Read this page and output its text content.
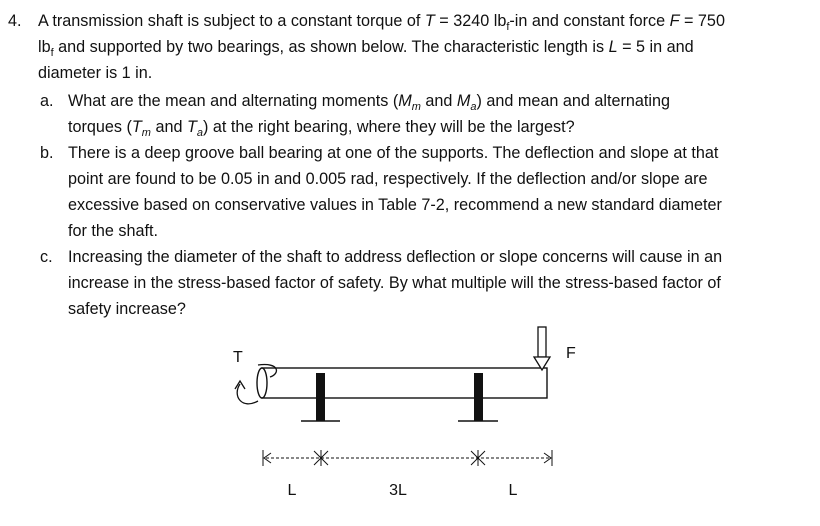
4. A transmission shaft is subject to a constant torque of T = 3240 $lb_f-in$ and constant force F = 750
$lb_f$ and supported by two bearings, as shown below. The characteristic length is L = 5 in and
diameter is 1 in.
a. What are the mean and alternating moments ($M_m$ and $M_a$) and mean and alternating
torques ($T_m$ and $T_a$) at the right bearing, where they will be the largest?
b. There is a deep groove ball bearing at one of the supports. The deflection and slope at that
point are found to be 0.05 in and 0.005 rad, respectively. If the deflection and/or slope are
excessive based on conservative values in Table 7-2, recommend a new standard diameter
for the shaft.
c. Increasing the diameter of the shaft to address deflection or slope concerns will cause in an
increase in the stress-based factor of safety. By what multiple will the stress-based factor of
safety increase?
T	F
L	3L	L
